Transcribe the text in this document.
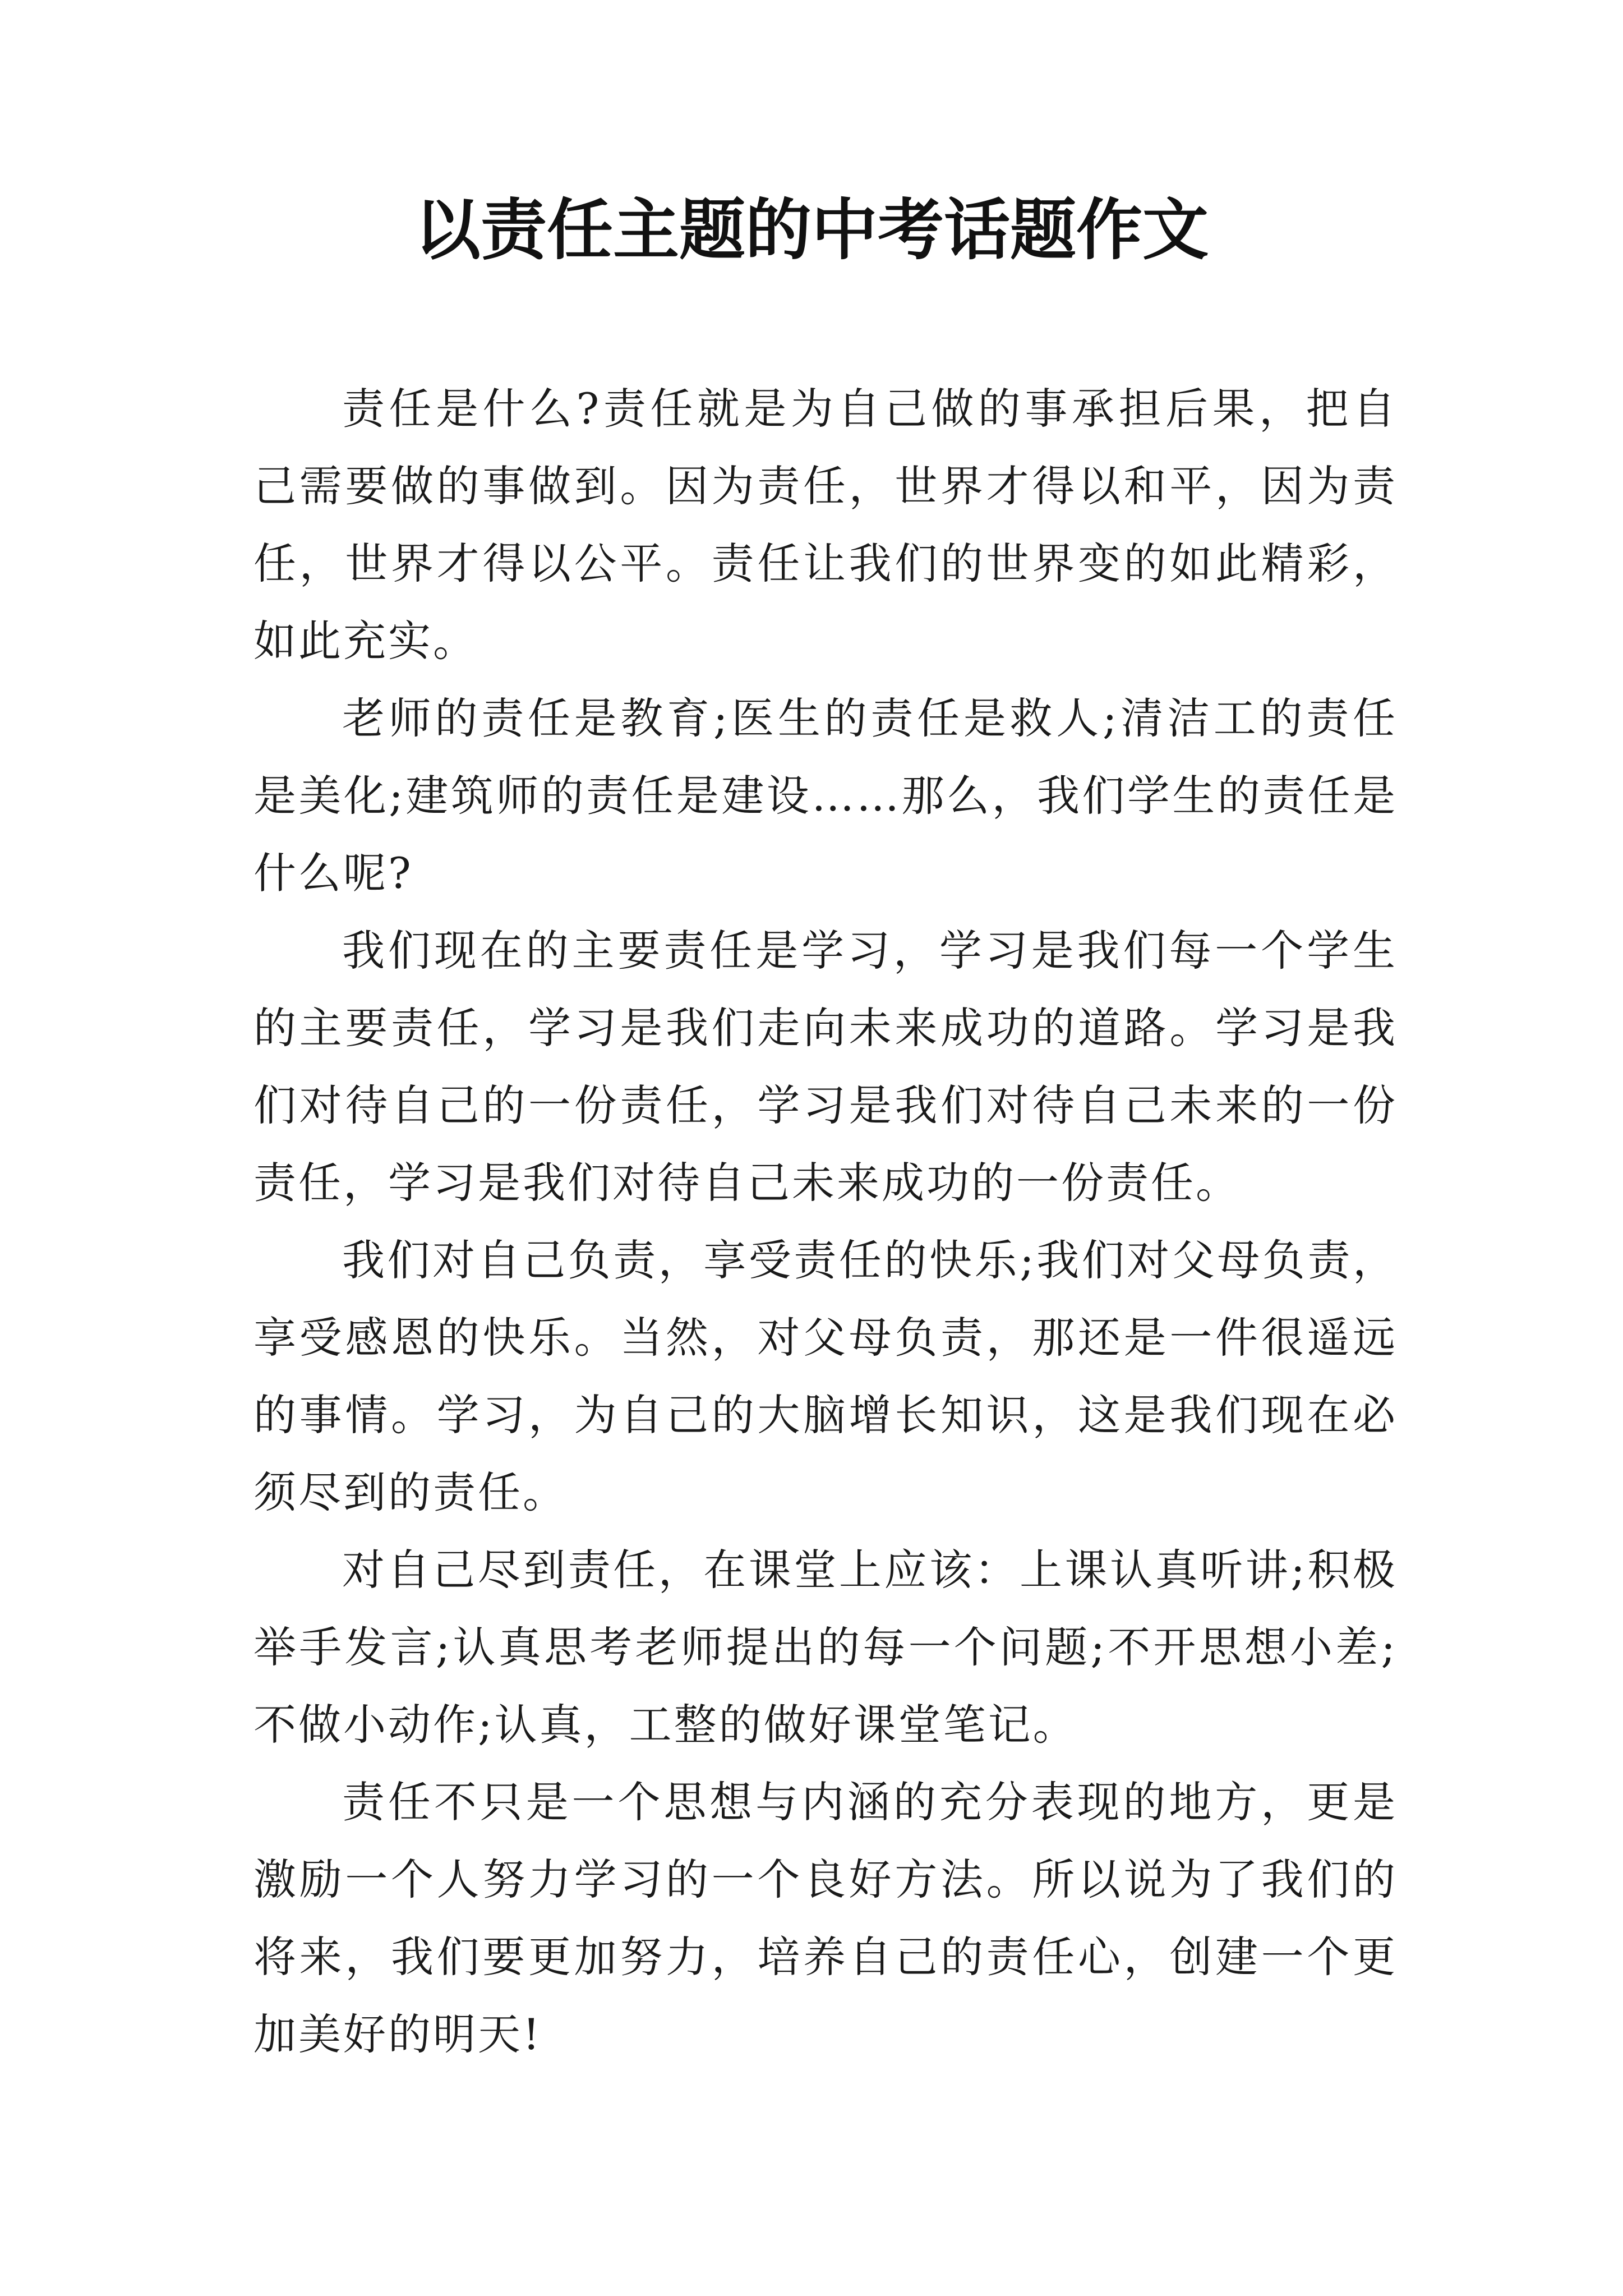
以责任主题的中考话题作文

责任是什么?责任就是为自己做的事承担后果，把自己需要做的事做到。因为责任，世界才得以和平，因为责任，世界才得以公平。责任让我们的世界变的如此精彩，如此充实。

老师的责任是教育;医生的责任是救人;清洁工的责任是美化;建筑师的责任是建设……那么，我们学生的责任是什么呢?

我们现在的主要责任是学习，学习是我们每一个学生的主要责任，学习是我们走向未来成功的道路。学习是我们对待自己的一份责任，学习是我们对待自己未来的一份责任，学习是我们对待自己未来成功的一份责任。

我们对自己负责，享受责任的快乐;我们对父母负责，享受感恩的快乐。当然，对父母负责，那还是一件很遥远的事情。学习，为自己的大脑增长知识，这是我们现在必须尽到的责任。

对自己尽到责任，在课堂上应该：上课认真听讲;积极举手发言;认真思考老师提出的每一个问题;不开思想小差;不做小动作;认真，工整的做好课堂笔记。

责任不只是一个思想与内涵的充分表现的地方，更是激励一个人努力学习的一个良好方法。所以说为了我们的将来，我们要更加努力，培养自己的责任心，创建一个更加美好的明天!
